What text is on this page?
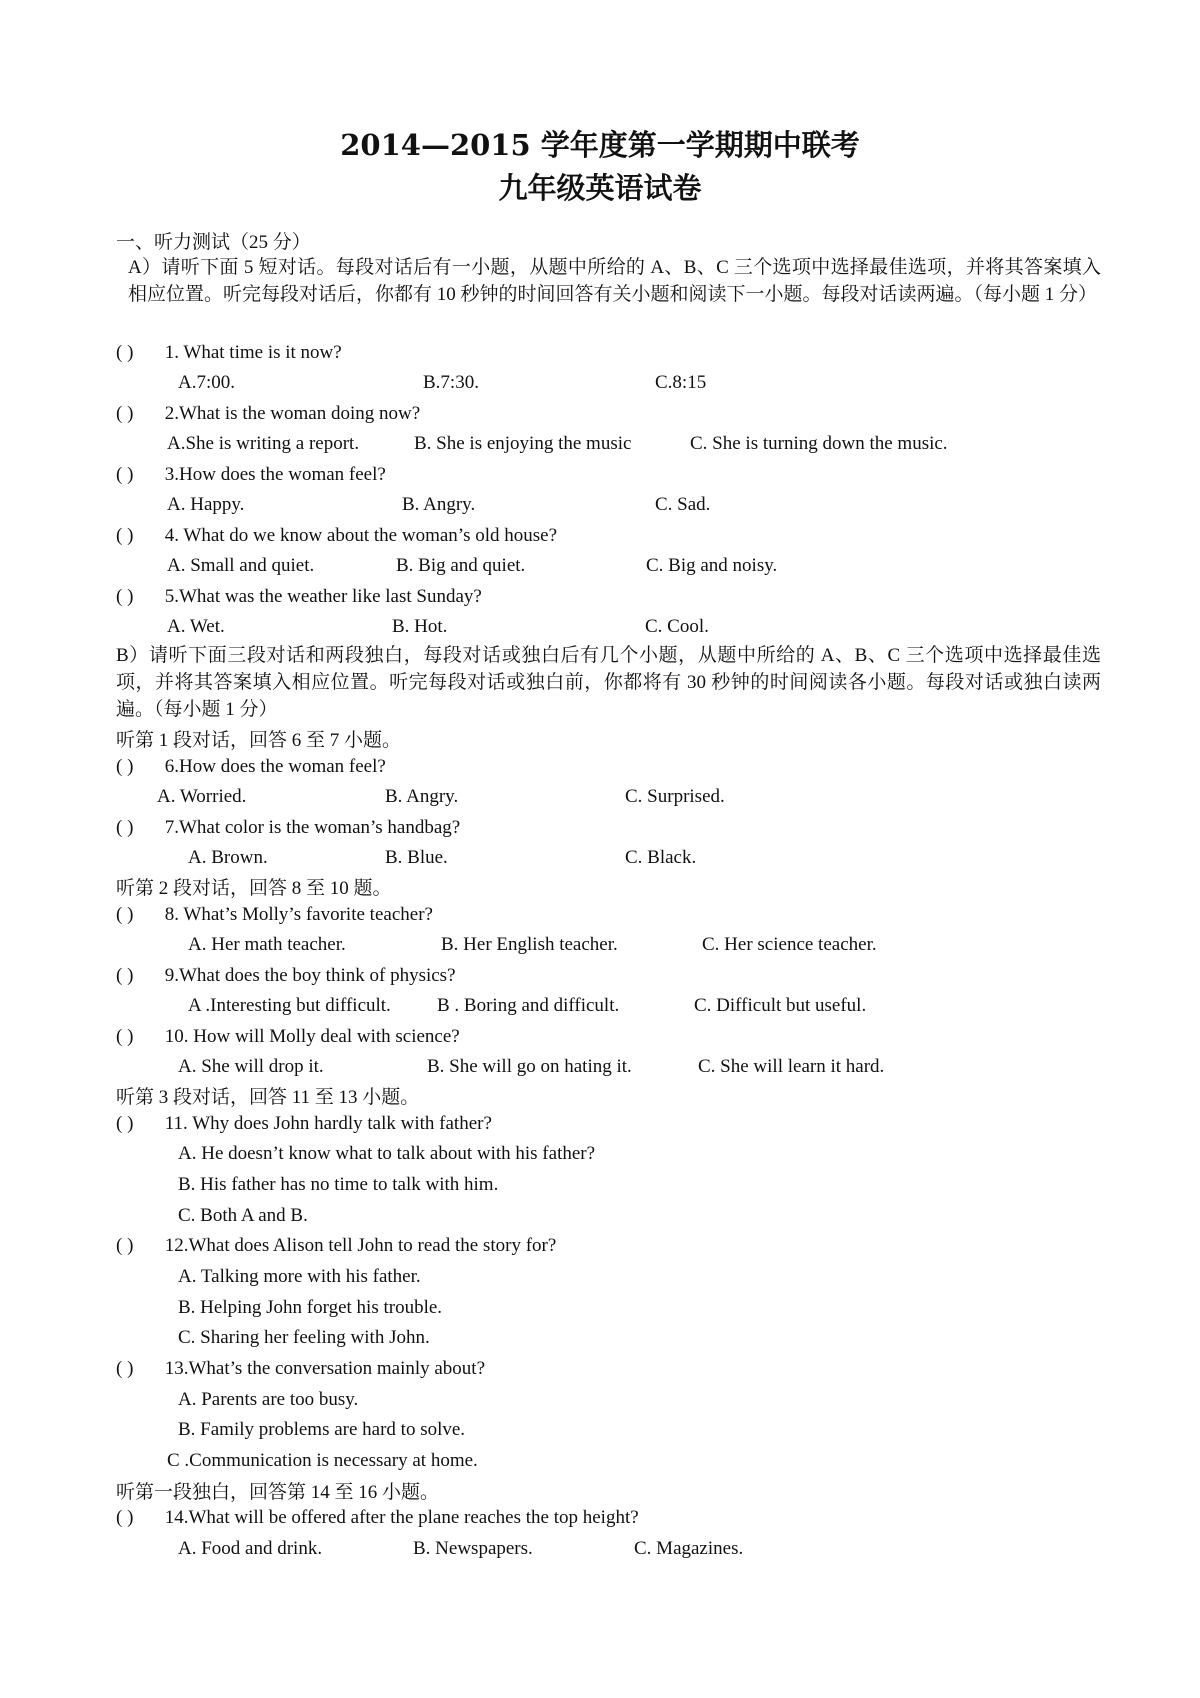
2014—2015 学年度第一学期期中联考
九年级英语试卷
一、听力测试（25 分）
A）请听下面 5 短对话。每段对话后有一小题，从题中所给的 A、B、C 三个选项中选择最佳选项，并将其答案填入相应位置。听完每段对话后，你都有 10 秒钟的时间回答有关小题和阅读下一小题。每段对话读两遍。（每小题 1 分）
( ) 1. What time is it now?
A.7:00.	B.7:30.	C.8:15
( ) 2.What is the woman doing now?
A.She is writing a report.	B. She is enjoying the music	C. She is turning down the music.
( ) 3.How does the woman feel?
A. Happy.	B. Angry.	C. Sad.
( ) 4. What do we know about the woman’s old house?
A. Small and quiet.	B. Big and quiet.	C. Big and noisy.
( ) 5.What was the weather like last Sunday?
A. Wet.	B. Hot.	C. Cool.
B）请听下面三段对话和两段独白，每段对话或独白后有几个小题，从题中所给的 A、B、C 三个选项中选择最佳选项，并将其答案填入相应位置。听完每段对话或独白前，你都将有 30 秒钟的时间阅读各小题。每段对话或独白读两遍。（每小题 1 分）
听第 1 段对话，回答 6 至 7 小题。
( ) 6.How does the woman feel?
A. Worried.	B. Angry.	C. Surprised.
( ) 7.What color is the woman’s handbag?
A. Brown.	B. Blue.	C. Black.
听第 2 段对话，回答 8 至 10 题。
( ) 8. What’s Molly’s favorite teacher?
A. Her math teacher.	B. Her English teacher.	C. Her science teacher.
( ) 9.What does the boy think of physics?
A .Interesting but difficult. B . Boring and difficult.	C. Difficult but useful.
( ) 10. How will Molly deal with science?
A. She will drop it.	B. She will go on hating it.	C. She will learn it hard.
听第 3 段对话，回答 11 至 13 小题。
( ) 11. Why does John hardly talk with father?
A. He doesn’t know what to talk about with his father?
B. His father has no time to talk with him.
C. Both A and B.
( ) 12.What does Alison tell John to read the story for?
A. Talking more with his father.
B. Helping John forget his trouble.
C. Sharing her feeling with John.
( ) 13.What’s the conversation mainly about?
A. Parents are too busy.
B. Family problems are hard to solve.
C .Communication is necessary at home.
听第一段独白，回答第 14 至 16 小题。
( ) 14.What will be offered after the plane reaches the top height?
A. Food and drink.	B. Newspapers.	C. Magazines.
